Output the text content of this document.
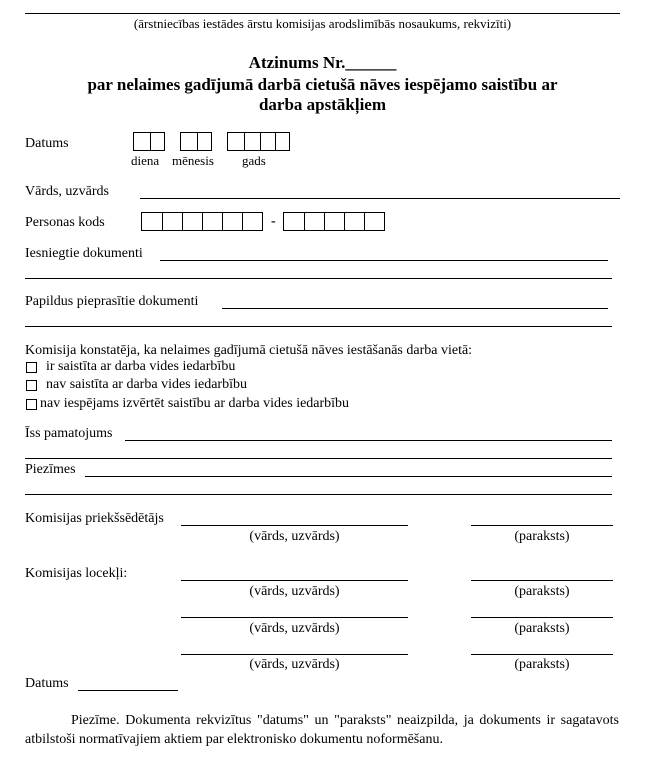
(ārstniecības iestādes ārstu komisijas arodslimībās nosaukums, rekvizīti)
Atzinums Nr.______
par nelaimes gadījumā darbā cietušā nāves iespējamo saistību ar
darba apstākļiem
Datums
diena mēnesis gads
Vārds, uzvārds
Personas kods	-
Iesniegtie dokumenti
Papildus pieprasītie dokumenti
Komisija konstatēja, ka nelaimes gadījumā cietušā nāves iestāšanās darba vietā:
ir saistīta ar darba vides iedarbību
nav saistīta ar darba vides iedarbību
nav iespējams izvērtēt saistību ar darba vides iedarbību
Īss pamatojums
Piezīmes
Komisijas priekšsēdētājs
(vārds, uzvārds)	(paraksts)
Komisijas locekļi:
(vārds, uzvārds)	(paraksts)
(vārds, uzvārds)	(paraksts)
(vārds, uzvārds)	(paraksts)
Datums
Piezīme. Dokumenta rekvizītus "datums" un "paraksts" neaizpilda, ja dokuments ir sagatavots atbilstoši normatīvajiem aktiem par elektronisko dokumentu noformēšanu.
